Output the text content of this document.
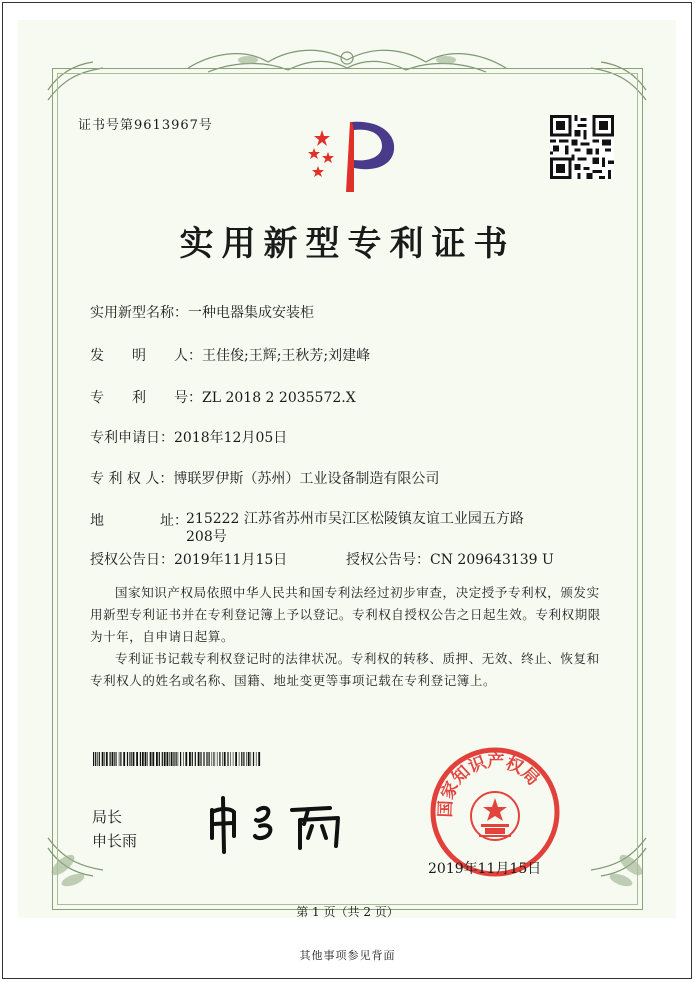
证书号第9613967号
实用新型专利证书
实用新型名称：一种电器集成安装柜
发　　明　　人：王佳俊;王辉;王秋芳;刘建峰
专　　利　　号：ZL 2018 2 2035572.X
专利申请日：2018年12月05日
专 利 权 人：博联罗伊斯（苏州）工业设备制造有限公司
地　　　　址：
215222 江苏省苏州市吴江区松陵镇友谊工业园五方路208号
授权公告日：2019年11月15日	授权公告号：CN 209643139 U
国家知识产权局依照中华人民共和国专利法经过初步审查，决定授予专利权，颁发实用新型专利证书并在专利登记簿上予以登记。专利权自授权公告之日起生效。专利权期限为十年，自申请日起算。
专利证书记载专利权登记时的法律状况。专利权的转移、质押、无效、终止、恢复和专利权人的姓名或名称、国籍、地址变更等事项记载在专利登记簿上。
局长
申长雨
国家知识产权局
2019年11月15日
第 1 页（共 2 页）
其他事项参见背面
